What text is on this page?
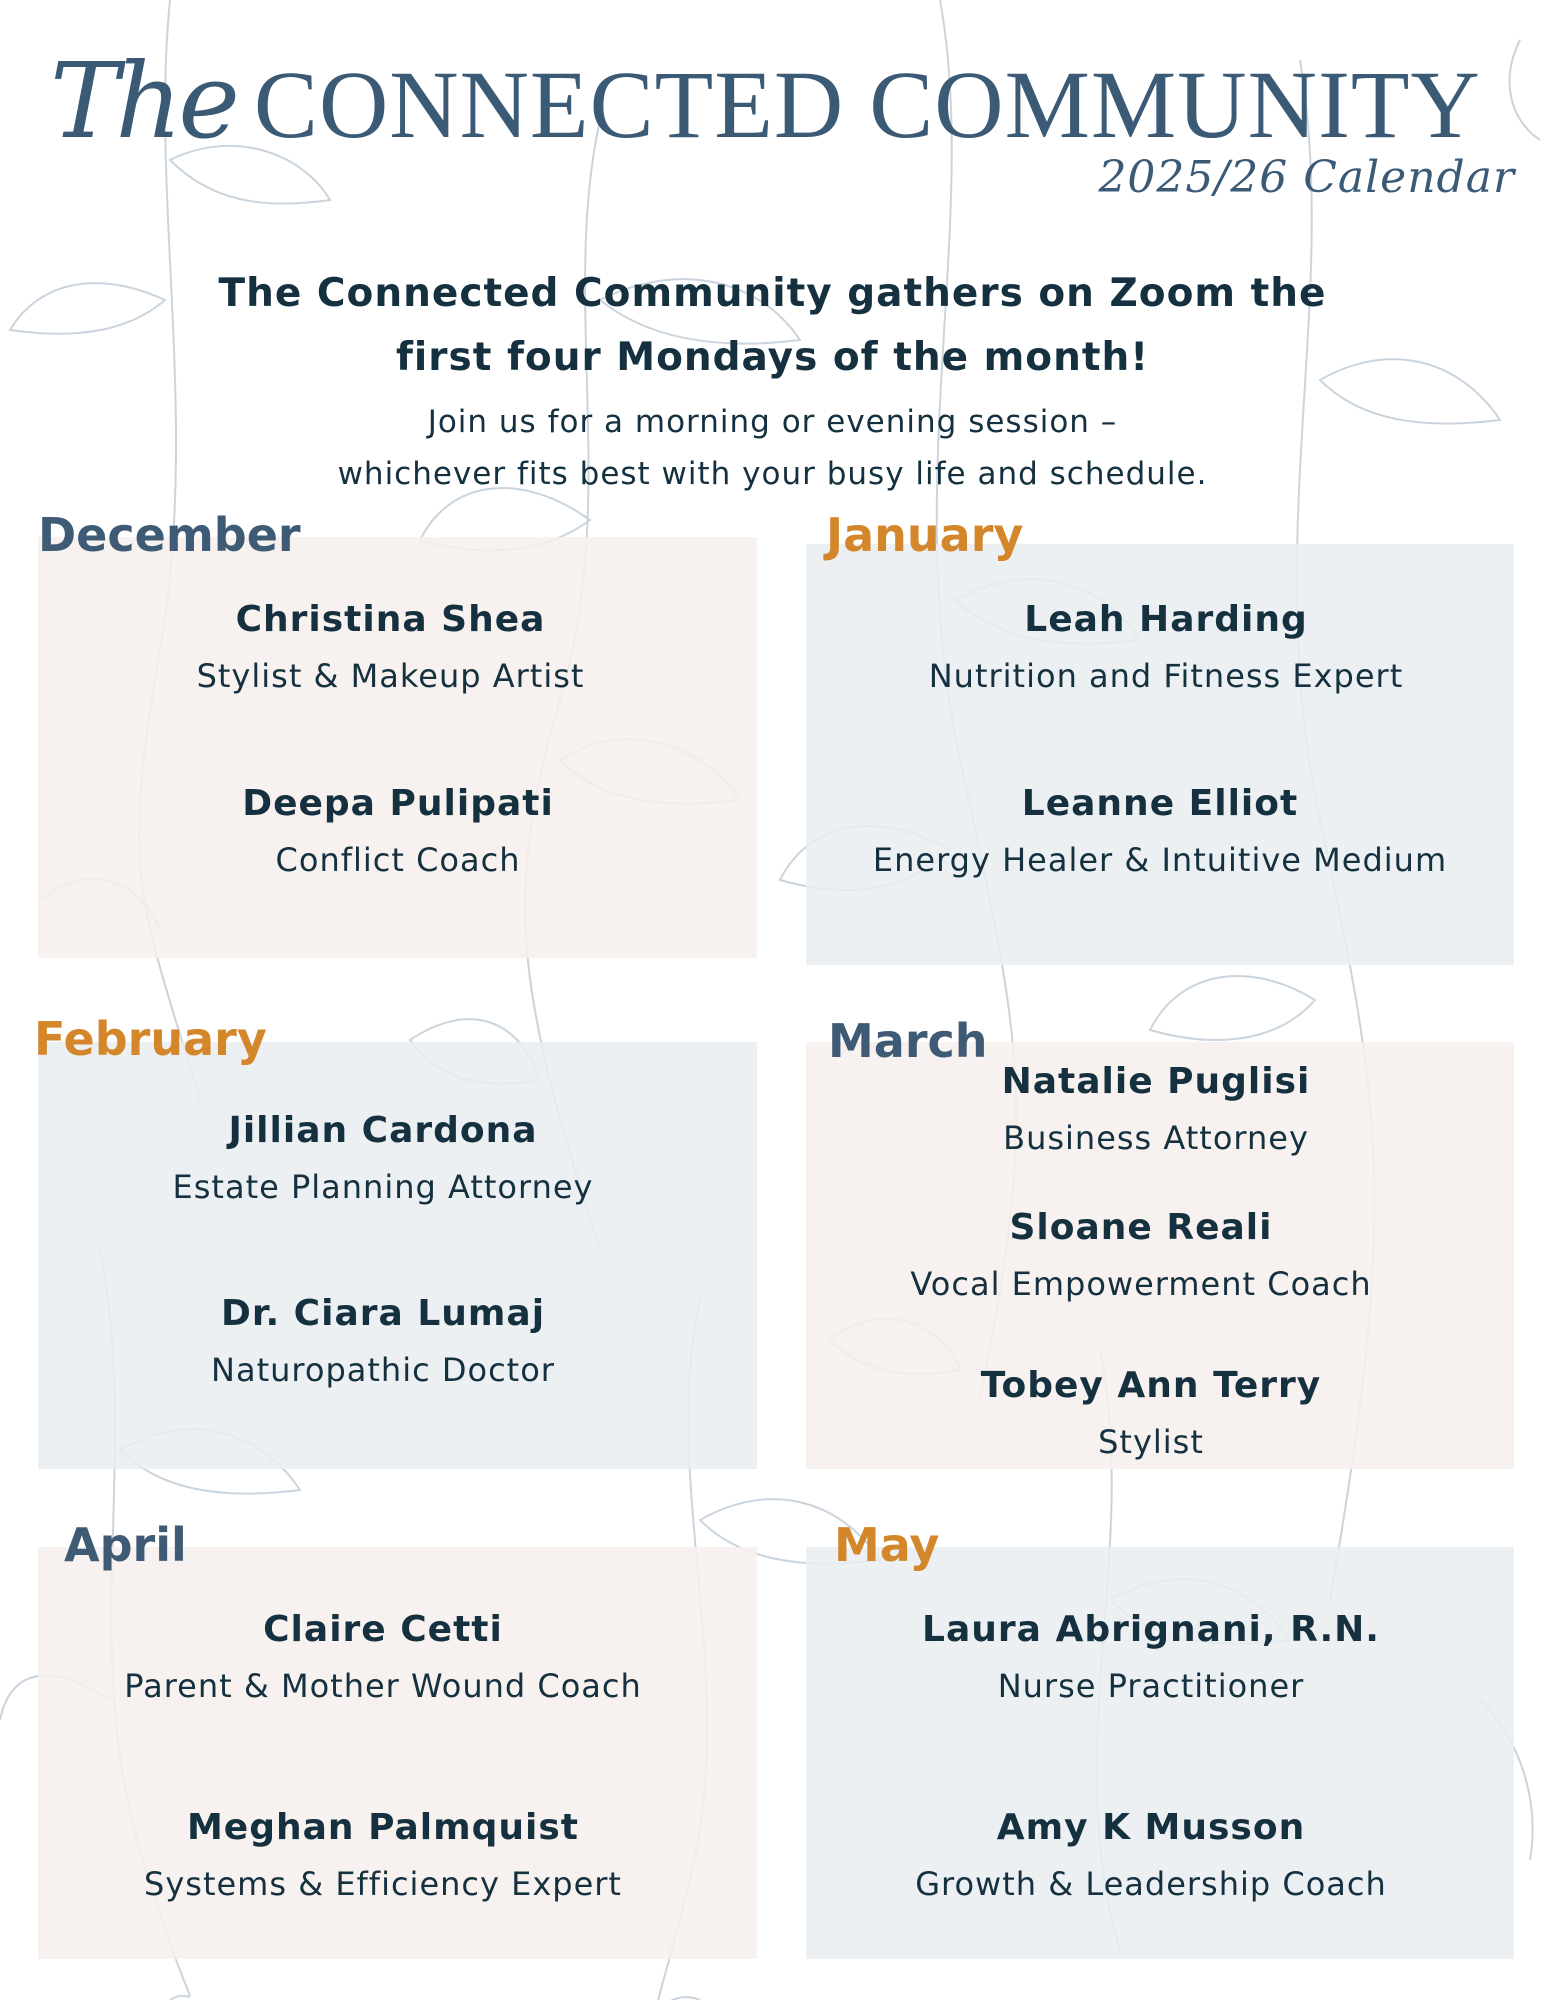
The CONNECTED COMMUNITY
2025/26 Calendar
The Connected Community gathers on Zoom the
first four Mondays of the month!
Join us for a morning or evening session –
whichever fits best with your busy life and schedule.
December
Christina Shea
Stylist & Makeup Artist
Deepa Pulipati
Conflict Coach
January
Leah Harding
Nutrition and Fitness Expert
Leanne Elliot
Energy Healer & Intuitive Medium
February
Jillian Cardona
Estate Planning Attorney
Dr. Ciara Lumaj
Naturopathic Doctor
March
Natalie Puglisi
Business Attorney
Sloane Reali
Vocal Empowerment Coach
Tobey Ann Terry
Stylist
April
Claire Cetti
Parent & Mother Wound Coach
Meghan Palmquist
Systems & Efficiency Expert
May
Laura Abrignani, R.N.
Nurse Practitioner
Amy K Musson
Growth & Leadership Coach
